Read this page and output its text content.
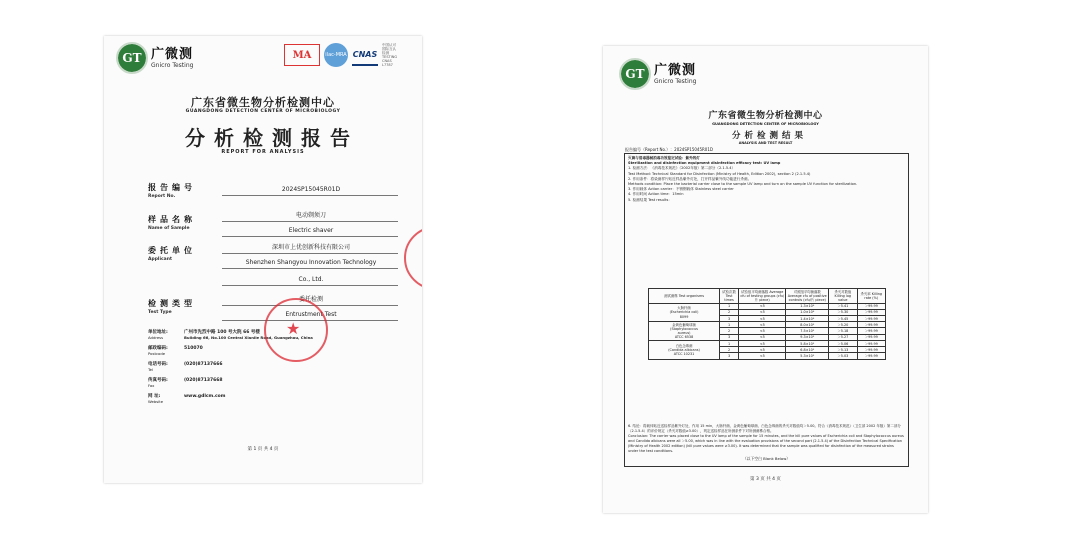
GT 广微测
Gnicro Testing
MA	ilac-MRA CNAS
中国认可
国际互认
检测
TESTING
CNAS L7787
广东省微生物分析检测中心
GUANGDONG DETECTION CENTER OF MICROBIOLOGY
分析检测报告
REPORT FOR ANALYSIS
报告编号
Report No.
2024SP15045R01D
样品名称
Name of Sample
电动剃须刀
Electric shaver
委托单位
Applicant
深圳市上优创新科技有限公司
Shenzhen Shangyou Innovation Technology
Co., Ltd.
检测类型
Test Type
委托检测
Entrustment Test
单位地址:
Address
广州市先烈中路 100 号大院 66 号楼
Building 66, No.100 Central Xianlie Road, Guangzhou, China
邮政编码:
Postcode
510070
电话号码:
Tel
(020)87137666
传真号码:
Fax
(020)87137668
网 址:
Website
www.gdlcm.com
★
第 1 页 共 4 页
GT 广微测
Gnicro Testing
广东省微生物分析检测中心
GUANGDONG DETECTION CENTER OF MICROBIOLOGY
分析检测结果
ANALYSIS AND TEST RESULT
报告编号（Report No.）：2024SP15045R01D
灭菌与消毒器械消毒功效鉴定试验：紫外线灯
Sterilization and disinfection equipment disinfection efficacy test: UV lamp
1. 检测方法：《消毒技术规范》（2002年版）第二部分（2.1.5.4）
Test Method: Technical Standard for Disinfection (Ministry of Health, Edition 2002), section 2 (2.1.5.4)
2. 作用条件：将染菌样片贴近样品紫外灯处，打开样品紫外线功能进行杀菌。
Methods condition: Place the bacterial carrier close to the sample UV lamp and turn on the sample UV function for sterilization.
3. 作用载体 Action carrier：不锈钢载体 Stainless steel carrier
4. 作用时间 Action time：15min
5. 检测结果 Test results：
测试菌株 Test organisms	试验次数 Test times	试验组平均菌落数 Average cfu of testing groups (cfu/片 piece)	对照组平均菌落数 Average cfu of positive controls (cfu/片 piece)	杀灭对数值 Killing log value	杀灭率 Killing rate (%)

大肠杆菌
(Escherichia coli)
8099	1	<5	1.3×10⁶	＞5.41	＞99.99
	2	<5	1.0×10⁶	＞5.30	＞99.99
	3	<5	1.4×10⁶	＞5.45	＞99.99

金黄色葡萄球菌
(Staphylococcus
aureus)
ATCC 6538	1	<5	8.0×10⁵	＞5.20	＞99.99
	2	<5	7.5×10⁵	＞5.18	＞99.99
	3	<5	9.3×10⁵	＞5.27	＞99.99

白色念珠菌
(Candida albicans)
ATCC 10231	1	<5	5.8×10⁵	＞5.06	＞99.99
	2	<5	6.8×10⁵	＞5.13	＞99.99
	3	<5	5.3×10⁵	＞5.03	＞99.99
6. 结论：将载体贴近送检样品紫外灯处，作用 15 min，大肠杆菌、金黄色葡萄球菌、白色念珠菌的杀灭对数值均＞5.00。符合《消毒技术规范》（卫生部 2002 年版）第二部分（2.1.5.4）的评价规定（杀灭对数值≥3.00），判定送检样品在所测条件下对所测菌株合格。
Conclusion: The carrier was placed close to the UV lamp of the sample for 15 minutes, and the kill pure values of Escherichia coli and Staphylococcus aureus and Candida albicans were all ＞5.00, which was in line with the evaluation provisions of the second part (2.1.5.4) of the Disinfection Technical Specification (Ministry of Health 2002 edition) (kill pure values were ≥3.00). It was determined that the sample was qualified for disinfection of the measured strains under the test conditions.
（以下空白 Blank Below）
第 3 页 共 4 页
